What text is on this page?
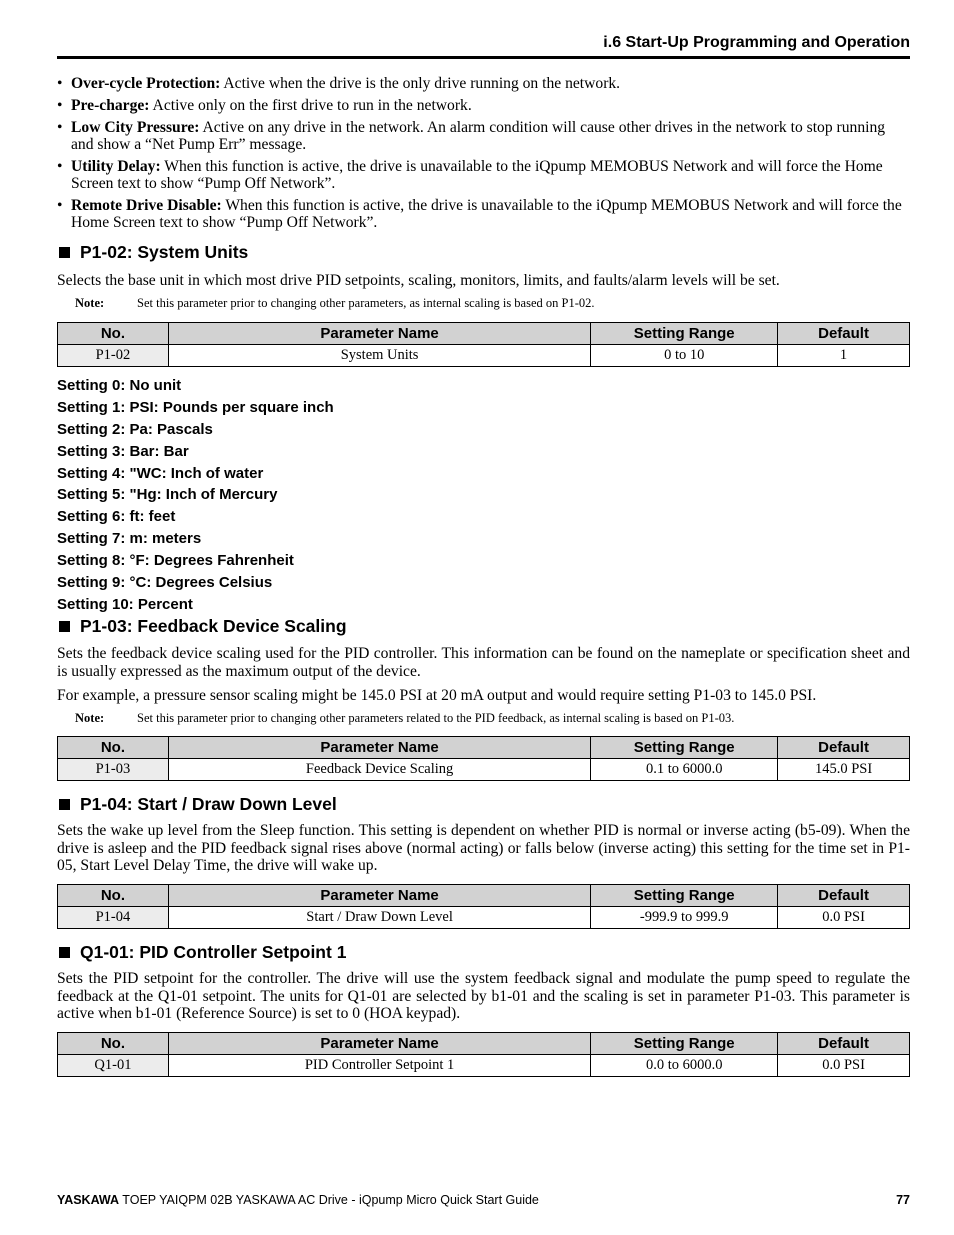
i.6 Start-Up Programming and Operation
• Over-cycle Protection: Active when the drive is the only drive running on the network.
• Pre-charge: Active only on the first drive to run in the network.
• Low City Pressure: Active on any drive in the network. An alarm condition will cause other drives in the network to stop running and show a “Net Pump Err” message.
• Utility Delay: When this function is active, the drive is unavailable to the iQpump MEMOBUS Network and will force the Home Screen text to show “Pump Off Network”.
• Remote Drive Disable: When this function is active, the drive is unavailable to the iQpump MEMOBUS Network and will force the Home Screen text to show “Pump Off Network”.
P1-02: System Units

Selects the base unit in which most drive PID setpoints, scaling, monitors, limits, and faults/alarm levels will be set.

Note:	Set this parameter prior to changing other parameters, as internal scaling is based on P1-02.
No.	Parameter Name	Setting Range	Default
P1-02	System Units	0 to 10	1
Setting 0: No unit
Setting 1: PSI: Pounds per square inch
Setting 2: Pa: Pascals
Setting 3: Bar: Bar
Setting 4: "WC: Inch of water
Setting 5: "Hg: Inch of Mercury
Setting 6: ft: feet
Setting 7: m: meters
Setting 8: °F: Degrees Fahrenheit
Setting 9: °C: Degrees Celsius
Setting 10: Percent
P1-03: Feedback Device Scaling

Sets the feedback device scaling used for the PID controller. This information can be found on the nameplate or specification sheet and is usually expressed as the maximum output of the device.

For example, a pressure sensor scaling might be 145.0 PSI at 20 mA output and would require setting P1-03 to 145.0 PSI.

Note:	Set this parameter prior to changing other parameters related to the PID feedback, as internal scaling is based on P1-03.
No.	Parameter Name	Setting Range	Default
P1-03	Feedback Device Scaling	0.1 to 6000.0	145.0 PSI
P1-04: Start / Draw Down Level

Sets the wake up level from the Sleep function. This setting is dependent on whether PID is normal or inverse acting (b5-09). When the drive is asleep and the PID feedback signal rises above (normal acting) or falls below (inverse acting) this setting for the time set in P1-05, Start Level Delay Time, the drive will wake up.

No.	Parameter Name	Setting Range	Default
P1-04	Start / Draw Down Level	-999.9 to 999.9	0.0 PSI
Q1-01: PID Controller Setpoint 1

Sets the PID setpoint for the controller. The drive will use the system feedback signal and modulate the pump speed to regulate the feedback at the Q1-01 setpoint. The units for Q1-01 are selected by b1-01 and the scaling is set in parameter P1-03. This parameter is active when b1-01 (Reference Source) is set to 0 (HOA keypad).

No.	Parameter Name	Setting Range	Default
Q1-01	PID Controller Setpoint 1	0.0 to 6000.0	0.0 PSI
YASKAWA TOEP YAIQPM 02B YASKAWA AC Drive - iQpump Micro Quick Start Guide	77
